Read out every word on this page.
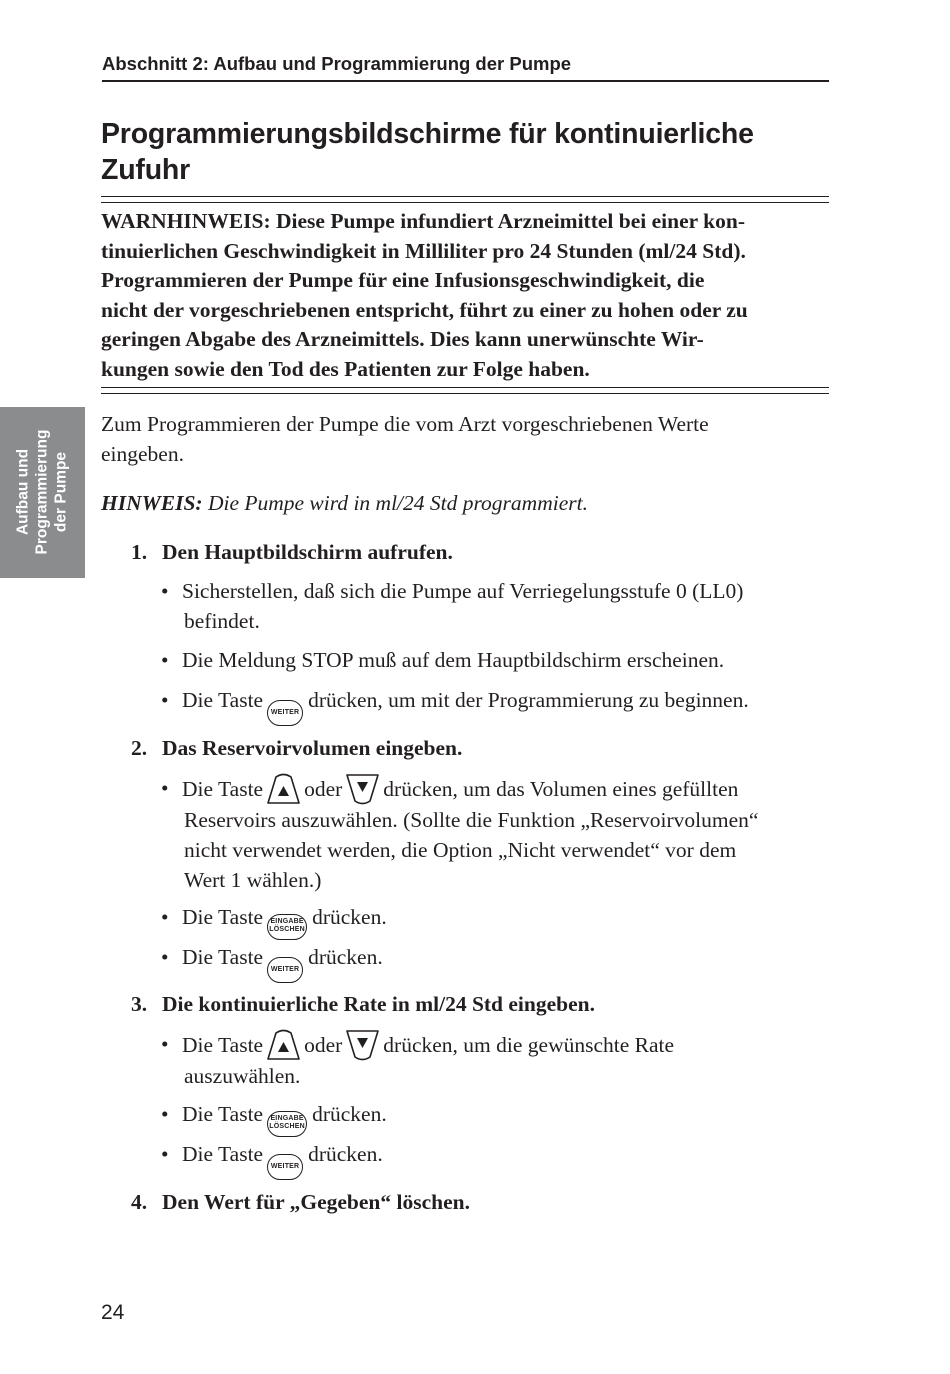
Abschnitt 2: Aufbau und Programmierung der Pumpe
Programmierungsbildschirme für kontinuierliche Zufuhr
WARNHINWEIS: Diese Pumpe infundiert Arzneimittel bei einer kon-
tinuierlichen Geschwindigkeit in Milliliter pro 24 Stunden (ml/24 Std).
Programmieren der Pumpe für eine Infusionsgeschwindigkeit, die
nicht der vorgeschriebenen entspricht, führt zu einer zu hohen oder zu
geringen Abgabe des Arzneimittels. Dies kann unerwünschte Wir-
kungen sowie den Tod des Patienten zur Folge haben.
Aufbau und
Programmierung
der Pumpe
Zum Programmieren der Pumpe die vom Arzt vorgeschriebenen Werte
eingeben.
HINWEIS: Die Pumpe wird in ml/24 Std programmiert.
1. Den Hauptbildschirm aufrufen.
• Sicherstellen, daß sich die Pumpe auf Verriegelungsstufe 0 (LL0)
befindet.
• Die Meldung STOP muß auf dem Hauptbildschirm erscheinen.
• Die TasteWEITERdrücken, um mit der Programmierung zu beginnen.
2. Das Reservoirvolumen eingeben.
• Die Taste oder drücken, um das Volumen eines gefüllten
Reservoirs auszuwählen. (Sollte die Funktion „Reservoirvolumen“
nicht verwendet werden, die Option „Nicht verwendet“ vor dem
Wert 1 wählen.)
• Die Taste EINGABE
LÖSCHENdrücken.
• Die TasteWEITERdrücken.
3. Die kontinuierliche Rate in ml/24 Std eingeben.
• Die Taste oder drücken, um die gewünschte Rate
auszuwählen.
• Die Taste EINGABE
LÖSCHENdrücken.
• Die TasteWEITERdrücken.
4. Den Wert für „Gegeben“ löschen.
24
